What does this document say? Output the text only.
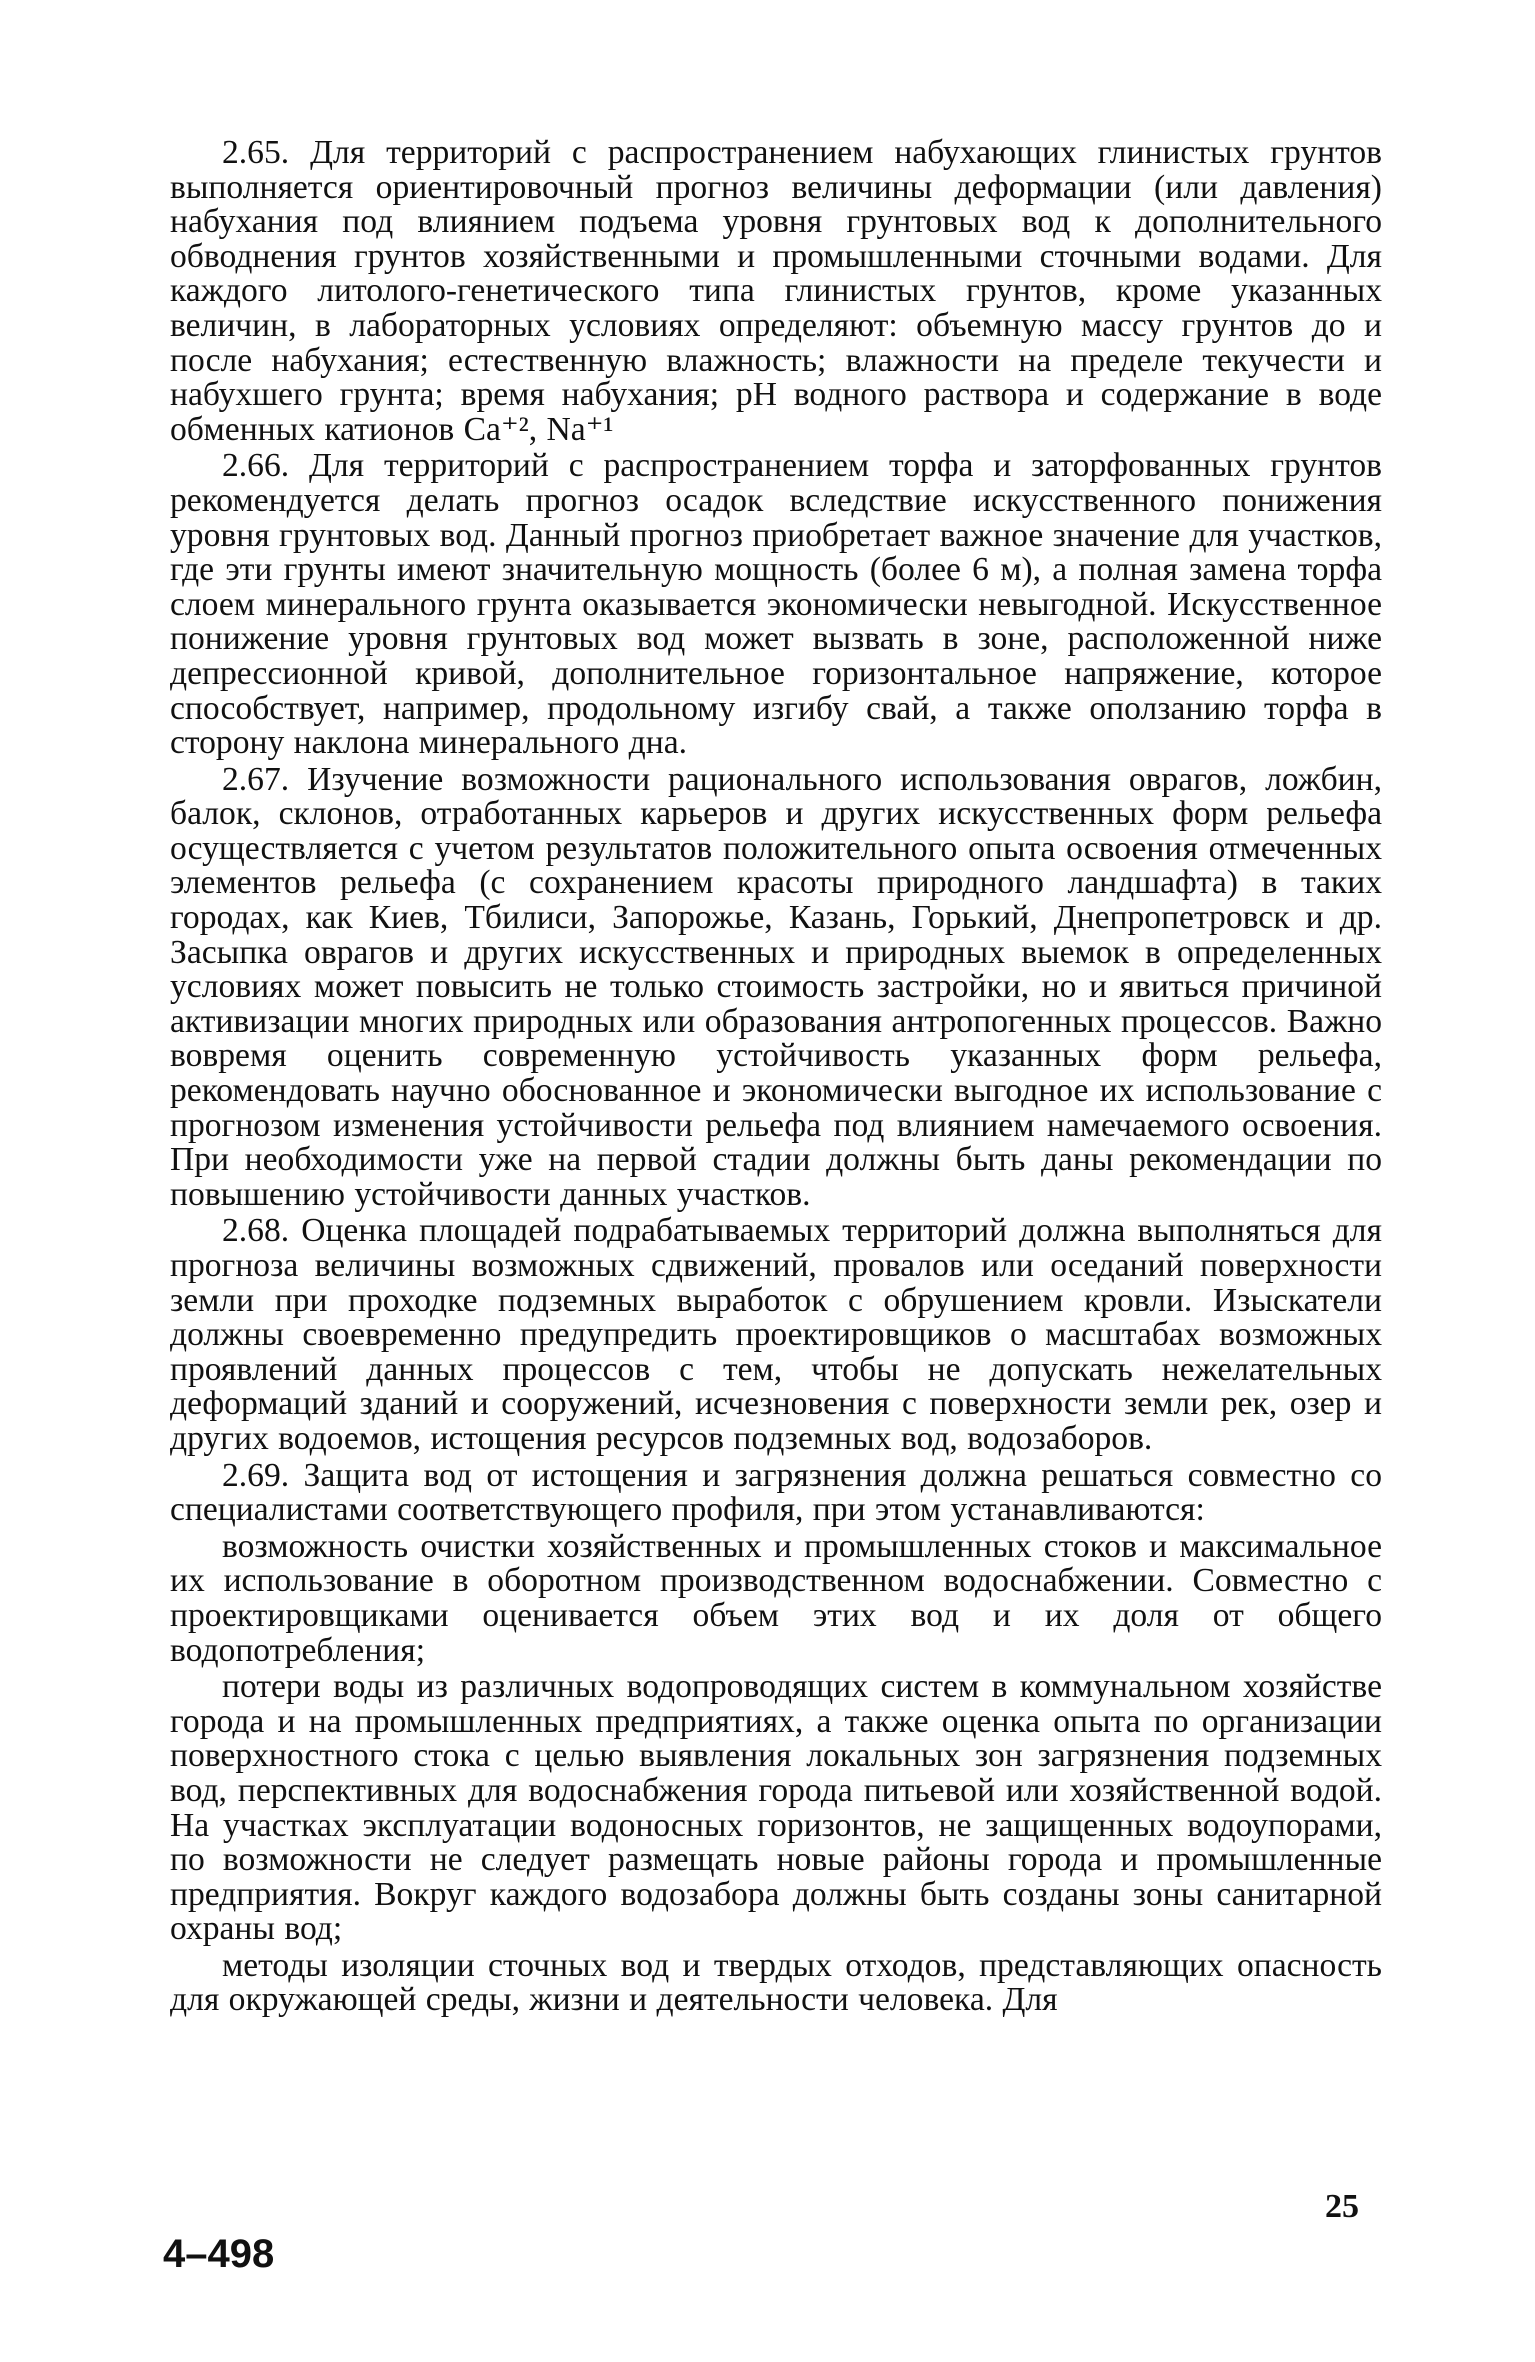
2.65. Для территорий с распространением набухающих глинистых грунтов выполняется ориентировочный прогноз величины деформации (или давления) набухания под влиянием подъема уровня грунтовых вод к дополнительного обводнения грунтов хозяйственными и промышленными сточными водами. Для каждого литолого-генетического типа глинистых грунтов, кроме указанных величин, в лабораторных условиях определяют: объемную массу грунтов до и после набухания; естественную влажность; влажности на пределе текучести и набухшего грунта; время набухания; pH водного раствора и содержание в воде обменных катионов Ca⁺², Na⁺¹

2.66. Для территорий с распространением торфа и заторфованных грунтов рекомендуется делать прогноз осадок вследствие искусственного понижения уровня грунтовых вод. Данный прогноз приобретает важное значение для участков, где эти грунты имеют значительную мощность (более 6 м), а полная замена торфа слоем минерального грунта оказывается экономически невыгодной. Искусственное понижение уровня грунтовых вод может вызвать в зоне, расположенной ниже депрессионной кривой, дополнительное горизонтальное напряжение, которое способствует, например, продольному изгибу свай, а также оползанию торфа в сторону наклона минерального дна.

2.67. Изучение возможности рационального использования оврагов, ложбин, балок, склонов, отработанных карьеров и других искусственных форм рельефа осуществляется с учетом результатов положительного опыта освоения отмеченных элементов рельефа (с сохранением красоты природного ландшафта) в таких городах, как Киев, Тбилиси, Запорожье, Казань, Горький, Днепропетровск и др. Засыпка оврагов и других искусственных и природных выемок в определенных условиях может повысить не только стоимость застройки, но и явиться причиной активизации многих природных или образования антропогенных процессов. Важно вовремя оценить современную устойчивость указанных форм рельефа, рекомендовать научно обоснованное и экономически выгодное их использование с прогнозом изменения устойчивости рельефа под влиянием намечаемого освоения. При необходимости уже на первой стадии должны быть даны рекомендации по повышению устойчивости данных участков.

2.68. Оценка площадей подрабатываемых территорий должна выполняться для прогноза величины возможных сдвижений, провалов или оседаний поверхности земли при проходке подземных выработок с обрушением кровли. Изыскатели должны своевременно предупредить проектировщиков о масштабах возможных проявлений данных процессов с тем, чтобы не допускать нежелательных деформаций зданий и сооружений, исчезновения с поверхности земли рек, озер и других водоемов, истощения ресурсов подземных вод, водозаборов.

2.69. Защита вод от истощения и загрязнения должна решаться совместно со специалистами соответствующего профиля, при этом устанавливаются:

возможность очистки хозяйственных и промышленных стоков и максимальное их использование в оборотном производственном водоснабжении. Совместно с проектировщиками оценивается объем этих вод и их доля от общего водопотребления;

потери воды из различных водопроводящих систем в коммунальном хозяйстве города и на промышленных предприятиях, а также оценка опыта по организации поверхностного стока с целью выявления локальных зон загрязнения подземных вод, перспективных для водоснабжения города питьевой или хозяйственной водой. На участках эксплуатации водоносных горизонтов, не защищенных водоупорами, по возможности не следует размещать новые районы города и промышленные предприятия. Вокруг каждого водозабора должны быть созданы зоны санитарной охраны вод;

методы изоляции сточных вод и твердых отходов, представляющих опасность для окружающей среды, жизни и деятельности человека. Для

25
4–498
